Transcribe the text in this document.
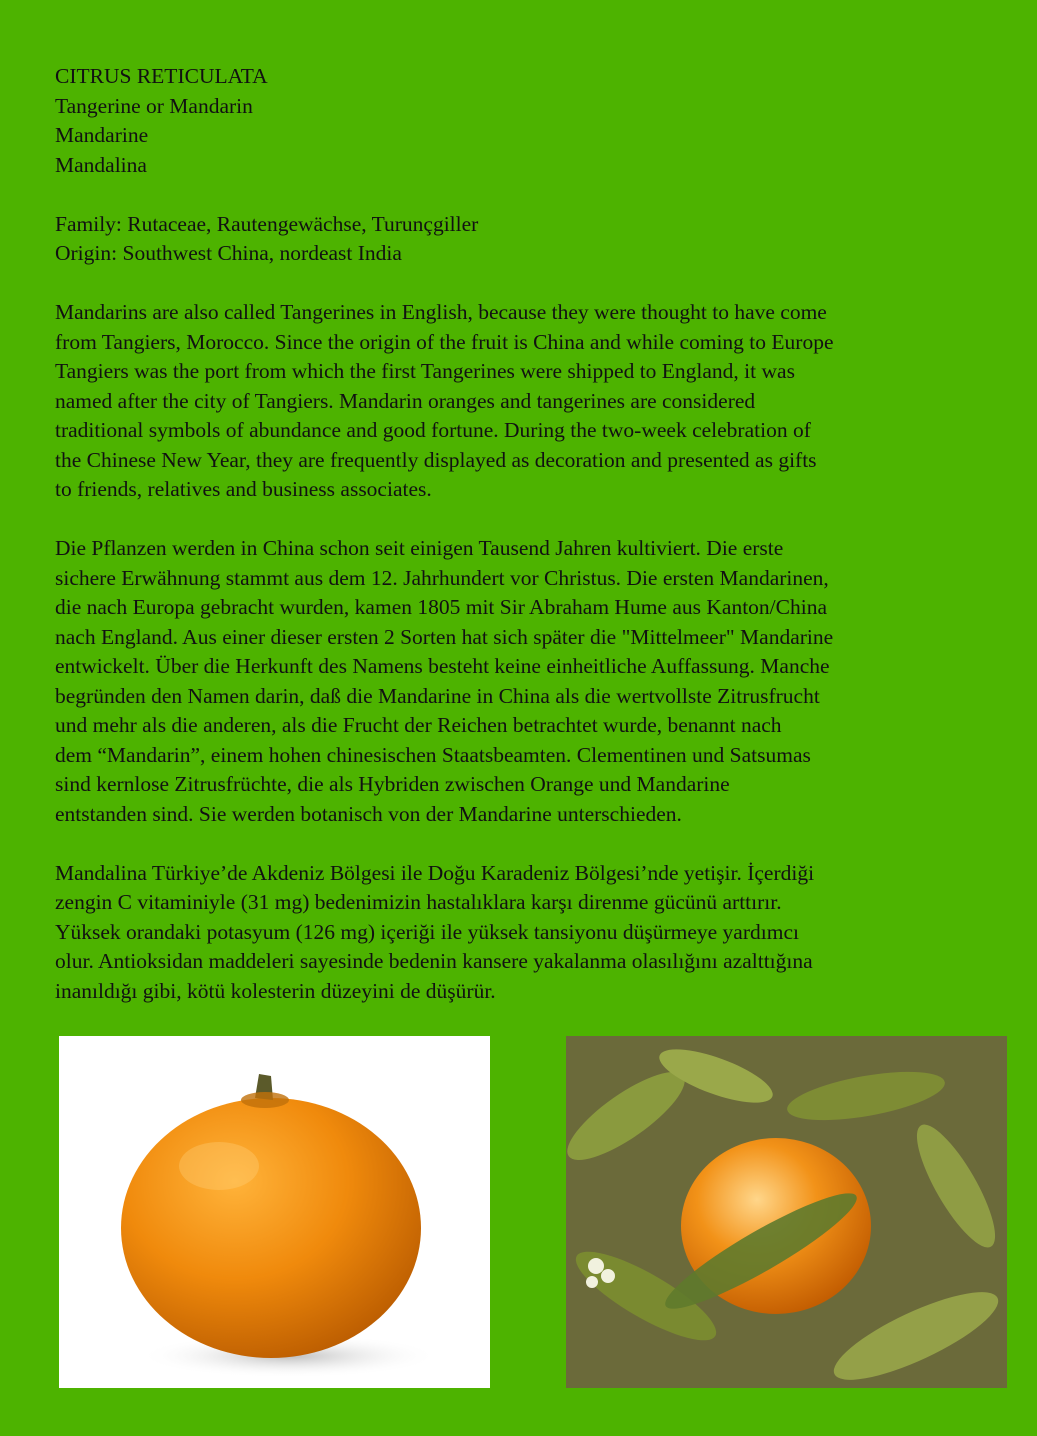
CITRUS RETICULATA
Tangerine or Mandarin
Mandarine
Mandalina
Family: Rutaceae, Rautengewächse, Turunçgiller
Origin: Southwest China, nordeast India
Mandarins are also called Tangerines in English, because they were thought to have come
from Tangiers, Morocco. Since the origin of the fruit is China and while coming to Europe
Tangiers was the port from which the first Tangerines were shipped to England, it was
named after the city of Tangiers. Mandarin oranges and tangerines are considered
traditional symbols of abundance and good fortune. During the two-week celebration of
the Chinese New Year, they are frequently displayed as decoration and presented as gifts
to friends, relatives and business associates.
Die Pflanzen werden in China schon seit einigen Tausend Jahren kultiviert. Die erste
sichere Erwähnung stammt aus dem 12. Jahrhundert vor Christus. Die ersten Mandarinen,
die nach Europa gebracht wurden, kamen 1805 mit Sir Abraham Hume aus Kanton/China
nach England. Aus einer dieser ersten 2 Sorten hat sich später die "Mittelmeer" Mandarine
entwickelt. Über die Herkunft des Namens besteht keine einheitliche Auffassung. Manche
begründen den Namen darin, daß die Mandarine in China als die wertvollste Zitrusfrucht
und mehr als die anderen, als die Frucht der Reichen betrachtet wurde, benannt nach
dem “Mandarin”, einem hohen chinesischen Staatsbeamten. Clementinen und Satsumas
sind kernlose Zitrusfrüchte, die als Hybriden zwischen Orange und Mandarine
entstanden sind. Sie werden botanisch von der Mandarine unterschieden.
Mandalina Türkiye’de Akdeniz Bölgesi ile Doğu Karadeniz Bölgesi’nde yetişir. İçerdiği
zengin C vitaminiyle (31 mg) bedenimizin hastalıklara karşı direnme gücünü arttırır.
Yüksek orandaki potasyum (126 mg) içeriği ile yüksek tansiyonu düşürmeye yardımcı
olur. Antioksidan maddeleri sayesinde bedenin kansere yakalanma olasılığını azalttığına
inanıldığı gibi, kötü kolesterin düzeyini de düşürür.
